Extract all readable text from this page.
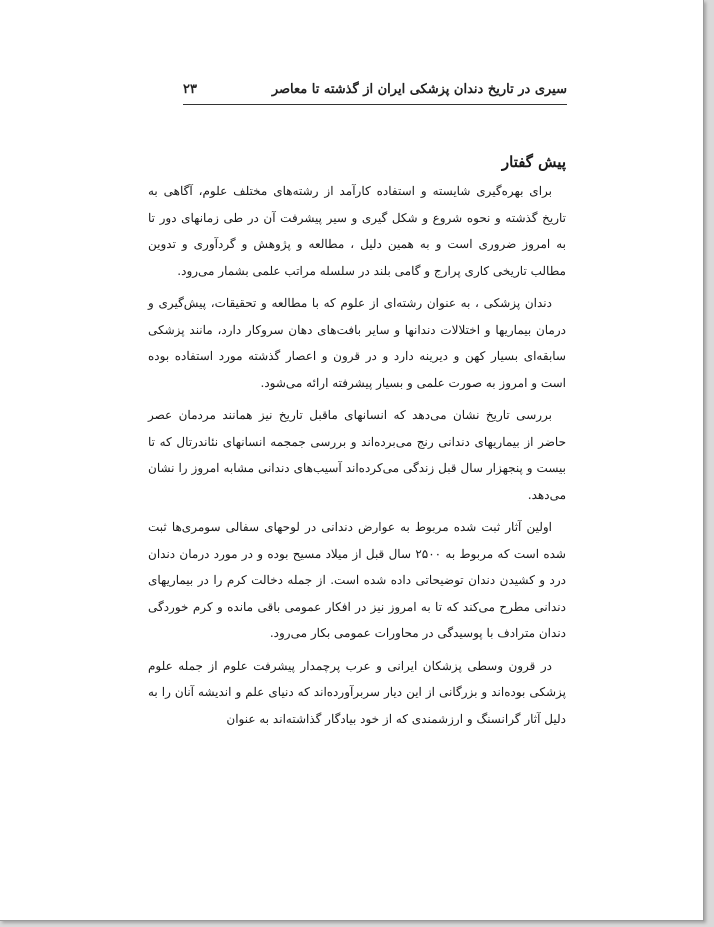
سیری در تاریخ دندان پزشکی ایران از گذشته تا معاصر
۲۳
پیش گفتار

برای بهره‌گیری شایسته و استفاده کارآمد از رشته‌های مختلف علوم، آگاهی به تاریخ گذشته و نحوه شروع و شکل گیری و سیر پیشرفت آن در طی زمانهای دور تا به امروز ضروری است و به همین دلیل ، مطالعه و پژوهش و گردآوری و تدوین مطالب تاریخی کاری پرارج و گامی بلند در سلسله مراتب علمی بشمار می‌رود.

دندان پزشکی ، به عنوان رشته‌ای از علوم که با مطالعه و تحقیقات، پیش‌گیری و درمان بیماریها و اختلالات دندانها و سایر بافت‌های دهان سروکار دارد، مانند پزشکی سابقه‌ای بسیار کهن و دیرینه دارد و در قرون و اعصار گذشته مورد استفاده بوده است و امروز به صورت علمی و بسیار پیشرفته ارائه می‌شود.

بررسی تاریخ نشان می‌دهد که انسانهای ماقبل تاریخ نیز همانند مردمان عصر حاضر از بیماریهای دندانی رنج می‌برده‌اند و بررسی جمجمه انسانهای نئاندرتال که تا بیست و پنجهزار سال قبل زندگی می‌کرده‌اند آسیب‌های دندانی مشابه امروز را نشان می‌دهد.

اولین آثار ثبت شده مربوط به عوارض دندانی در لوحهای سفالی سومری‌ها ثبت شده است که مربوط به ۲۵۰۰ سال قبل از میلاد مسیح بوده و در مورد درمان دندان درد و کشیدن دندان توضیحاتی داده شده است. از جمله دخالت کرم را در بیماریهای دندانی مطرح می‌کند که تا به امروز نیز در افکار عمومی باقی مانده و کرم خوردگی دندان مترادف با پوسیدگی در محاورات عمومی بکار می‌رود.

در قرون وسطی پزشکان ایرانی و عرب پرچمدار پیشرفت علوم از جمله علوم پزشکی بوده‌اند و بزرگانی از این دیار سربرآورده‌اند که دنیای علم و اندیشه آنان را به دلیل آثار گرانسنگ و ارزشمندی که از خود بیادگار گذاشته‌اند به عنوان
